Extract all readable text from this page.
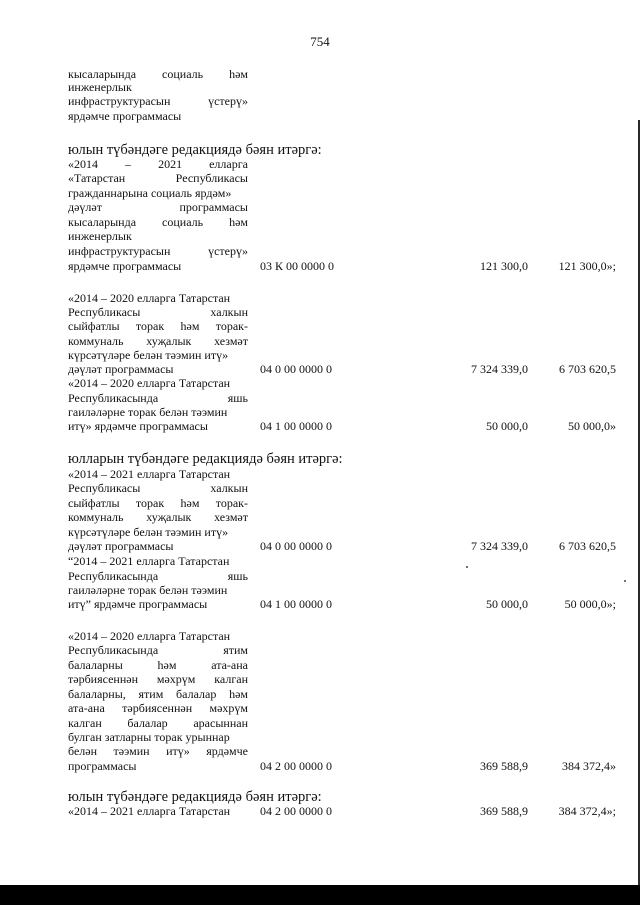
754
кысаларында социаль һәм
инженерлык
инфраструктурасын үстерү»
ярдәмче программасы
юлын түбәндәге редакциядә бәян итәргә:
«2014 – 2021 елларга
«Татарстан Республикасы
гражданнарына социаль ярдәм»
дәүләт программасы
кысаларында социаль һәм
инженерлык
инфраструктурасын үстерү»
ярдәмче программасы	03 К 00 0000 0	121 300,0	121 300,0»;
«2014 – 2020 елларга Татарстан
Республикасы халкын
сыйфатлы торак һәм торак-
коммуналь хуҗалык хезмәт
күрсәтүләре белән тәэмин итү»
дәүләт программасы	04 0 00 0000 0	7 324 339,0	6 703 620,5
«2014 – 2020 елларга Татарстан
Республикасында яшь
гаиләләрне торак белән тәэмин
итү» ярдәмче программасы	04 1 00 0000 0	50 000,0	50 000,0»
юлларын түбәндәге редакциядә бәян итәргә:
«2014 – 2021 елларга Татарстан
Республикасы халкын
сыйфатлы торак һәм торак-
коммуналь хуҗалык хезмәт
күрсәтүләре белән тәэмин итү»
дәүләт программасы	04 0 00 0000 0	7 324 339,0	6 703 620,5
“2014 – 2021 елларга Татарстан
Республикасында яшь
гаиләләрне торак белән тәэмин
итү” ярдәмче программасы	04 1 00 0000 0	50 000,0	50 000,0»;
«2014 – 2020 елларга Татарстан
Республикасында ятим
балаларны һәм ата-ана
тәрбиясеннән мәхрүм калган
балаларны, ятим балалар һәм
ата-ана тәрбиясеннән мәхрүм
калган балалар арасыннан
булган затларны торак урыннар
белән тәэмин итү» ярдәмче
программасы	04 2 00 0000 0	369 588,9	384 372,4»
юлын түбәндәге редакциядә бәян итәргә:
«2014 – 2021 елларга Татарстан	04 2 00 0000 0	369 588,9	384 372,4»;
